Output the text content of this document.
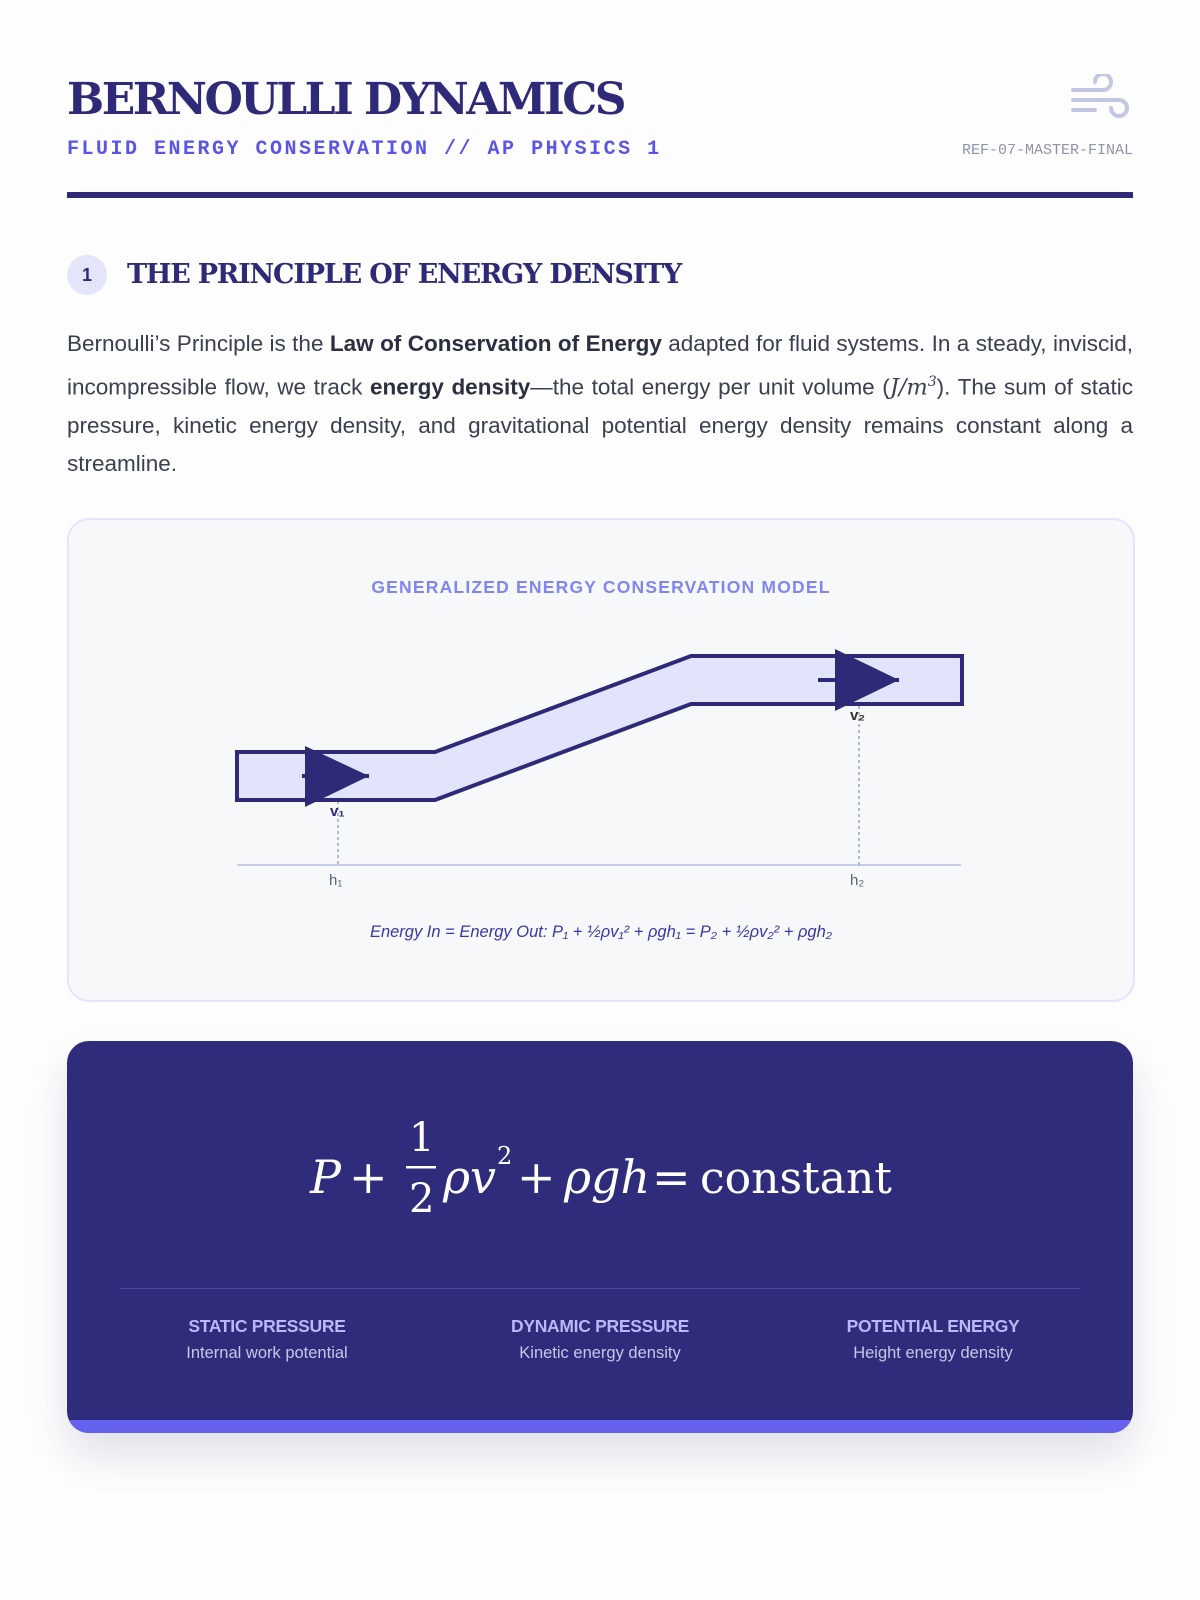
BERNOULLI DYNAMICS
FLUID ENERGY CONSERVATION // AP PHYSICS 1	REF-07-MASTER-FINAL
1	THE PRINCIPLE OF ENERGY DENSITY

Bernoulli’s Principle is the Law of Conservation of Energy adapted for fluid systems. In a steady, inviscid, incompressible flow, we track energy density—the total energy per unit volume $(J/m^3)$. The sum of static pressure, kinetic energy density, and gravitational potential energy density remains constant along a streamline.

GENERALIZED ENERGY CONSERVATION MODEL
v₁
v₂
h₁	h₂
Energy In = Energy Out: P₁ + ½ρv₁² + ρgh₁ = P₂ + ½ρv₂² + ρgh₂
P +
1
2 ρv 2 + ρgh = constant
STATIC PRESSURE
Internal work potential
DYNAMIC PRESSURE
Kinetic energy density
POTENTIAL ENERGY
Height energy density
